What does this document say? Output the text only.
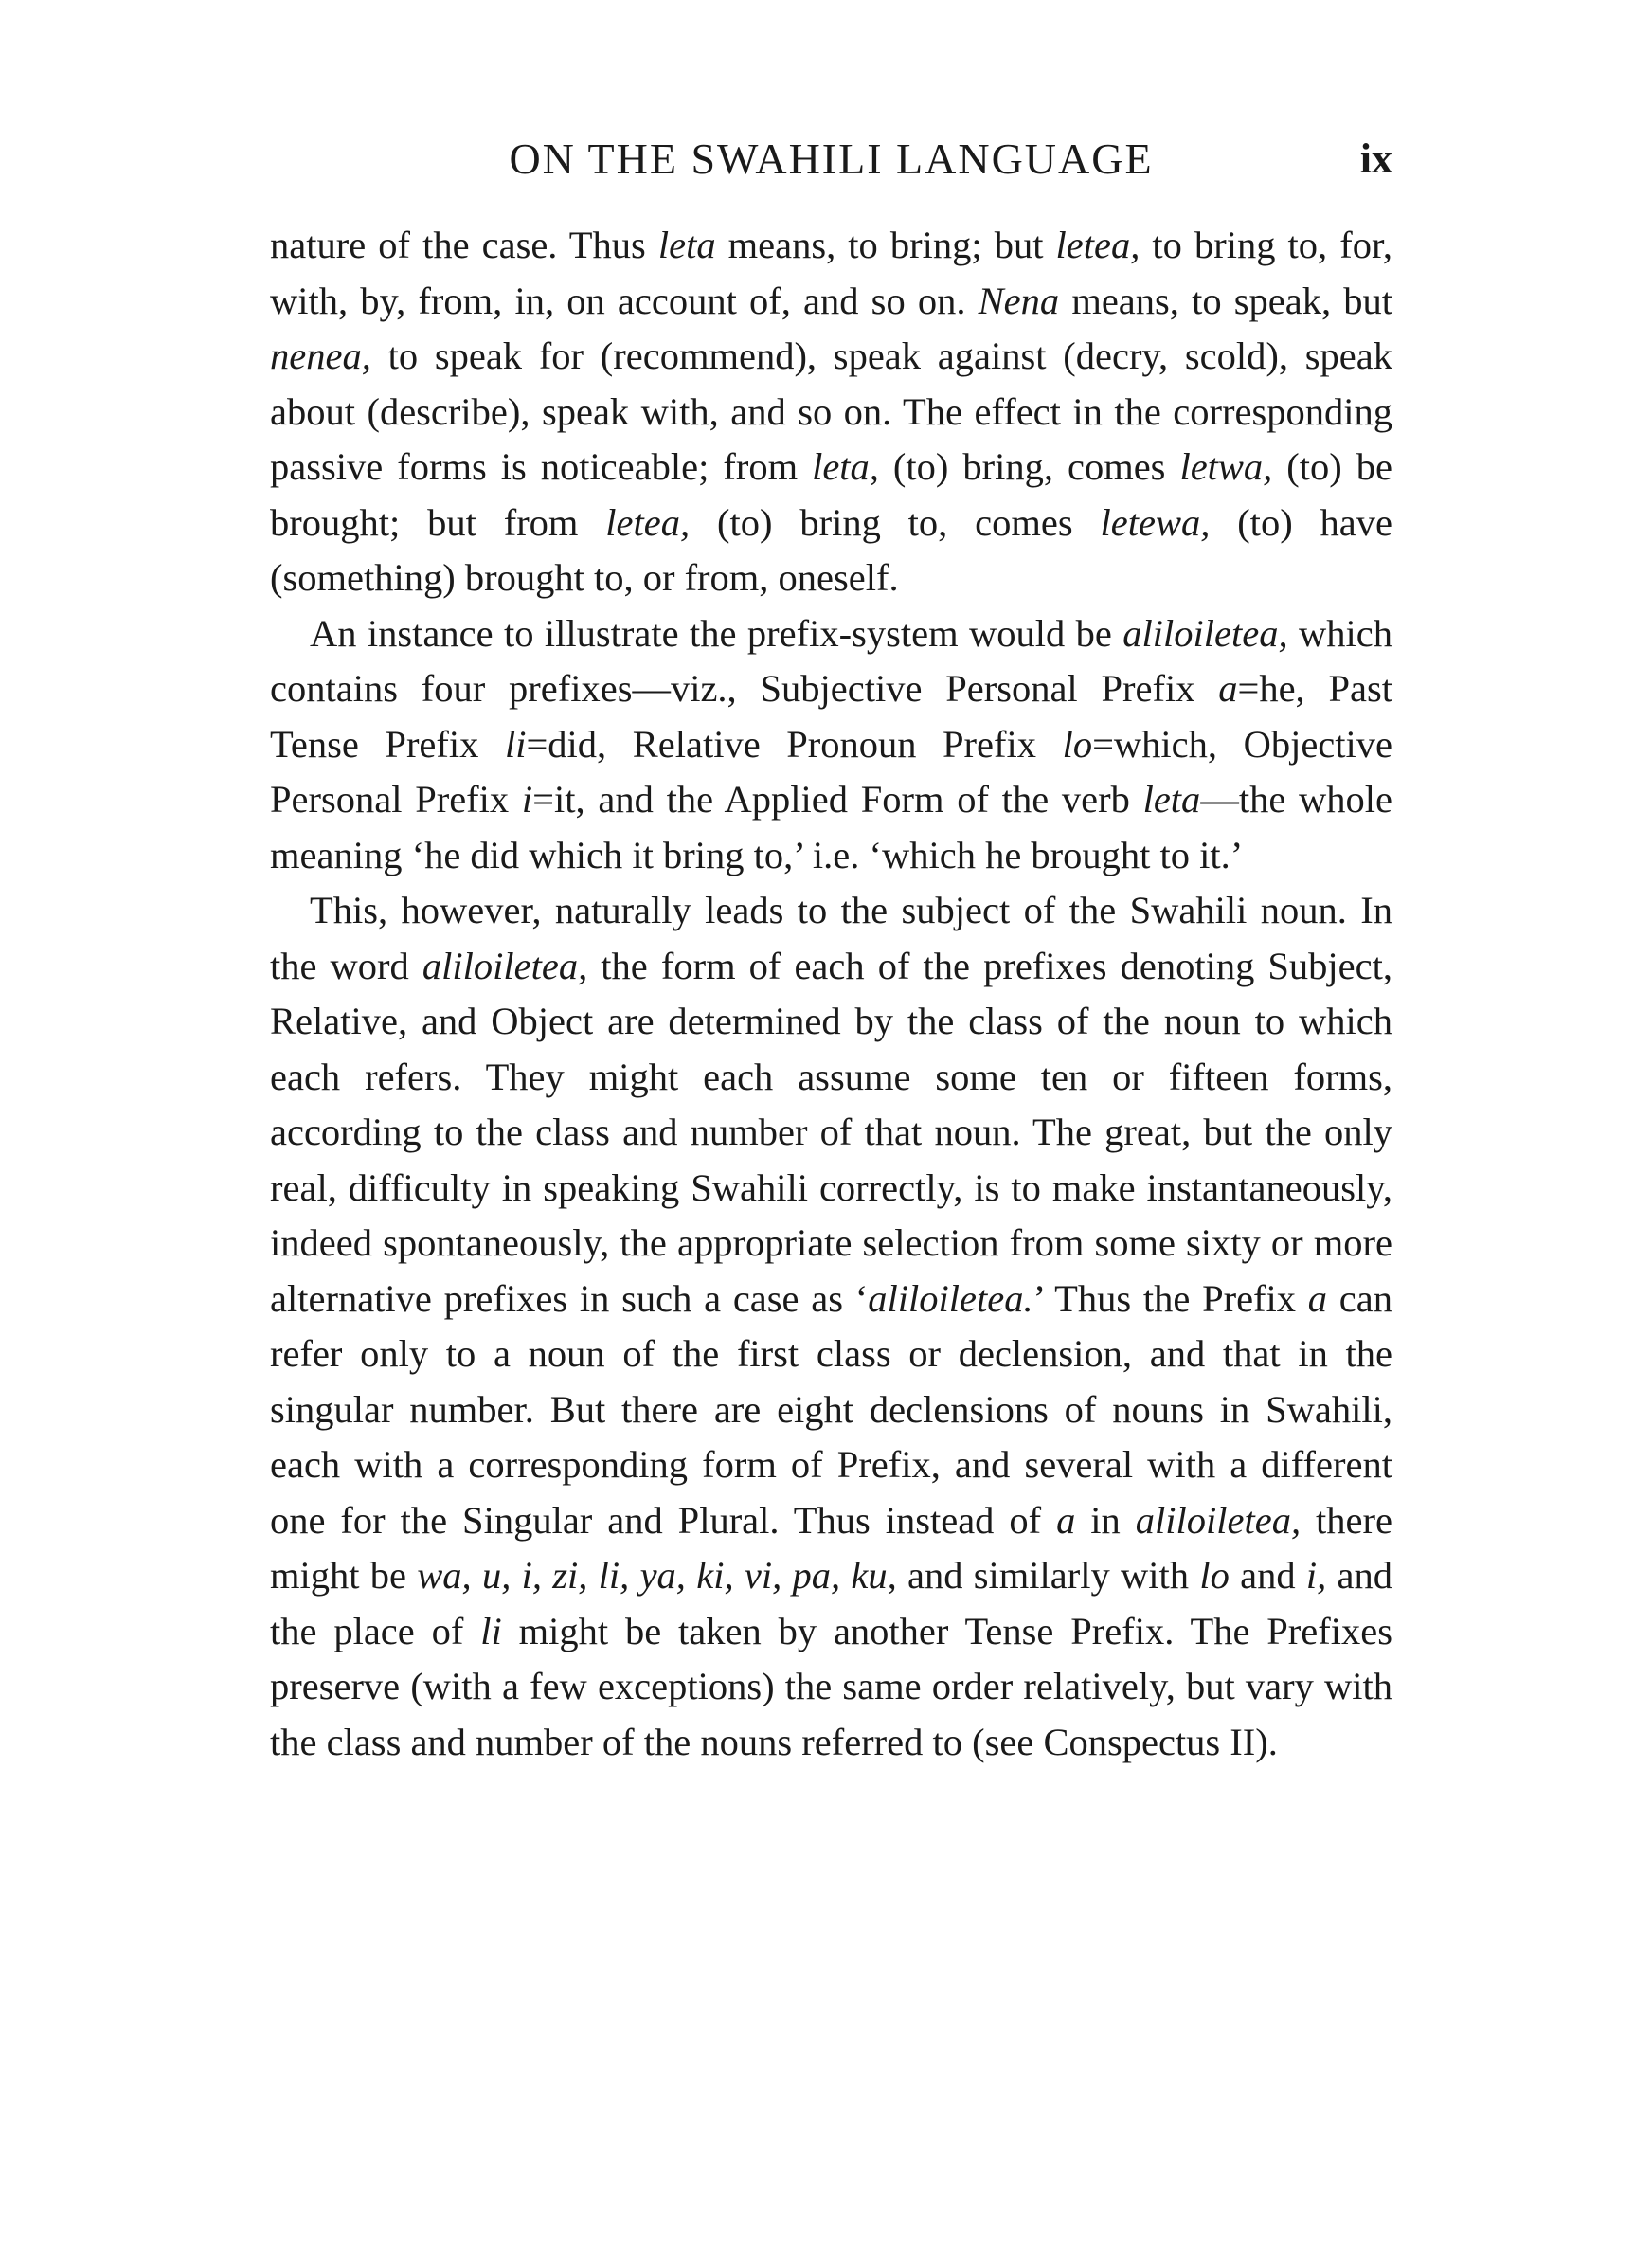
ON THE SWAHILI LANGUAGE	ix

nature of the case. Thus leta means, to bring; but letea, to bring to, for, with, by, from, in, on account of, and so on. Nena means, to speak, but nenea, to speak for (recommend), speak against (decry, scold), speak about (describe), speak with, and so on. The effect in the corresponding passive forms is noticeable; from leta, (to) bring, comes letwa, (to) be brought; but from letea, (to) bring to, comes letewa, (to) have (something) brought to, or from, oneself.

An instance to illustrate the prefix-system would be aliloiletea, which contains four prefixes—viz., Subjective Personal Prefix a=he, Past Tense Prefix li=did, Relative Pronoun Prefix lo=which, Objective Personal Prefix i=it, and the Applied Form of the verb leta—the whole meaning ‘he did which it bring to,’ i.e. ‘which he brought to it.’

This, however, naturally leads to the subject of the Swahili noun. In the word aliloiletea, the form of each of the prefixes denoting Subject, Relative, and Object are determined by the class of the noun to which each refers. They might each assume some ten or fifteen forms, according to the class and number of that noun. The great, but the only real, difficulty in speaking Swahili correctly, is to make instantaneously, indeed spontaneously, the appropriate selection from some sixty or more alternative prefixes in such a case as ‘aliloiletea.’ Thus the Prefix a can refer only to a noun of the first class or declension, and that in the singular number. But there are eight declensions of nouns in Swahili, each with a corresponding form of Prefix, and several with a different one for the Singular and Plural. Thus instead of a in aliloiletea, there might be wa, u, i, zi, li, ya, ki, vi, pa, ku, and similarly with lo and i, and the place of li might be taken by another Tense Prefix. The Prefixes preserve (with a few exceptions) the same order relatively, but vary with the class and number of the nouns referred to (see Conspectus II).
